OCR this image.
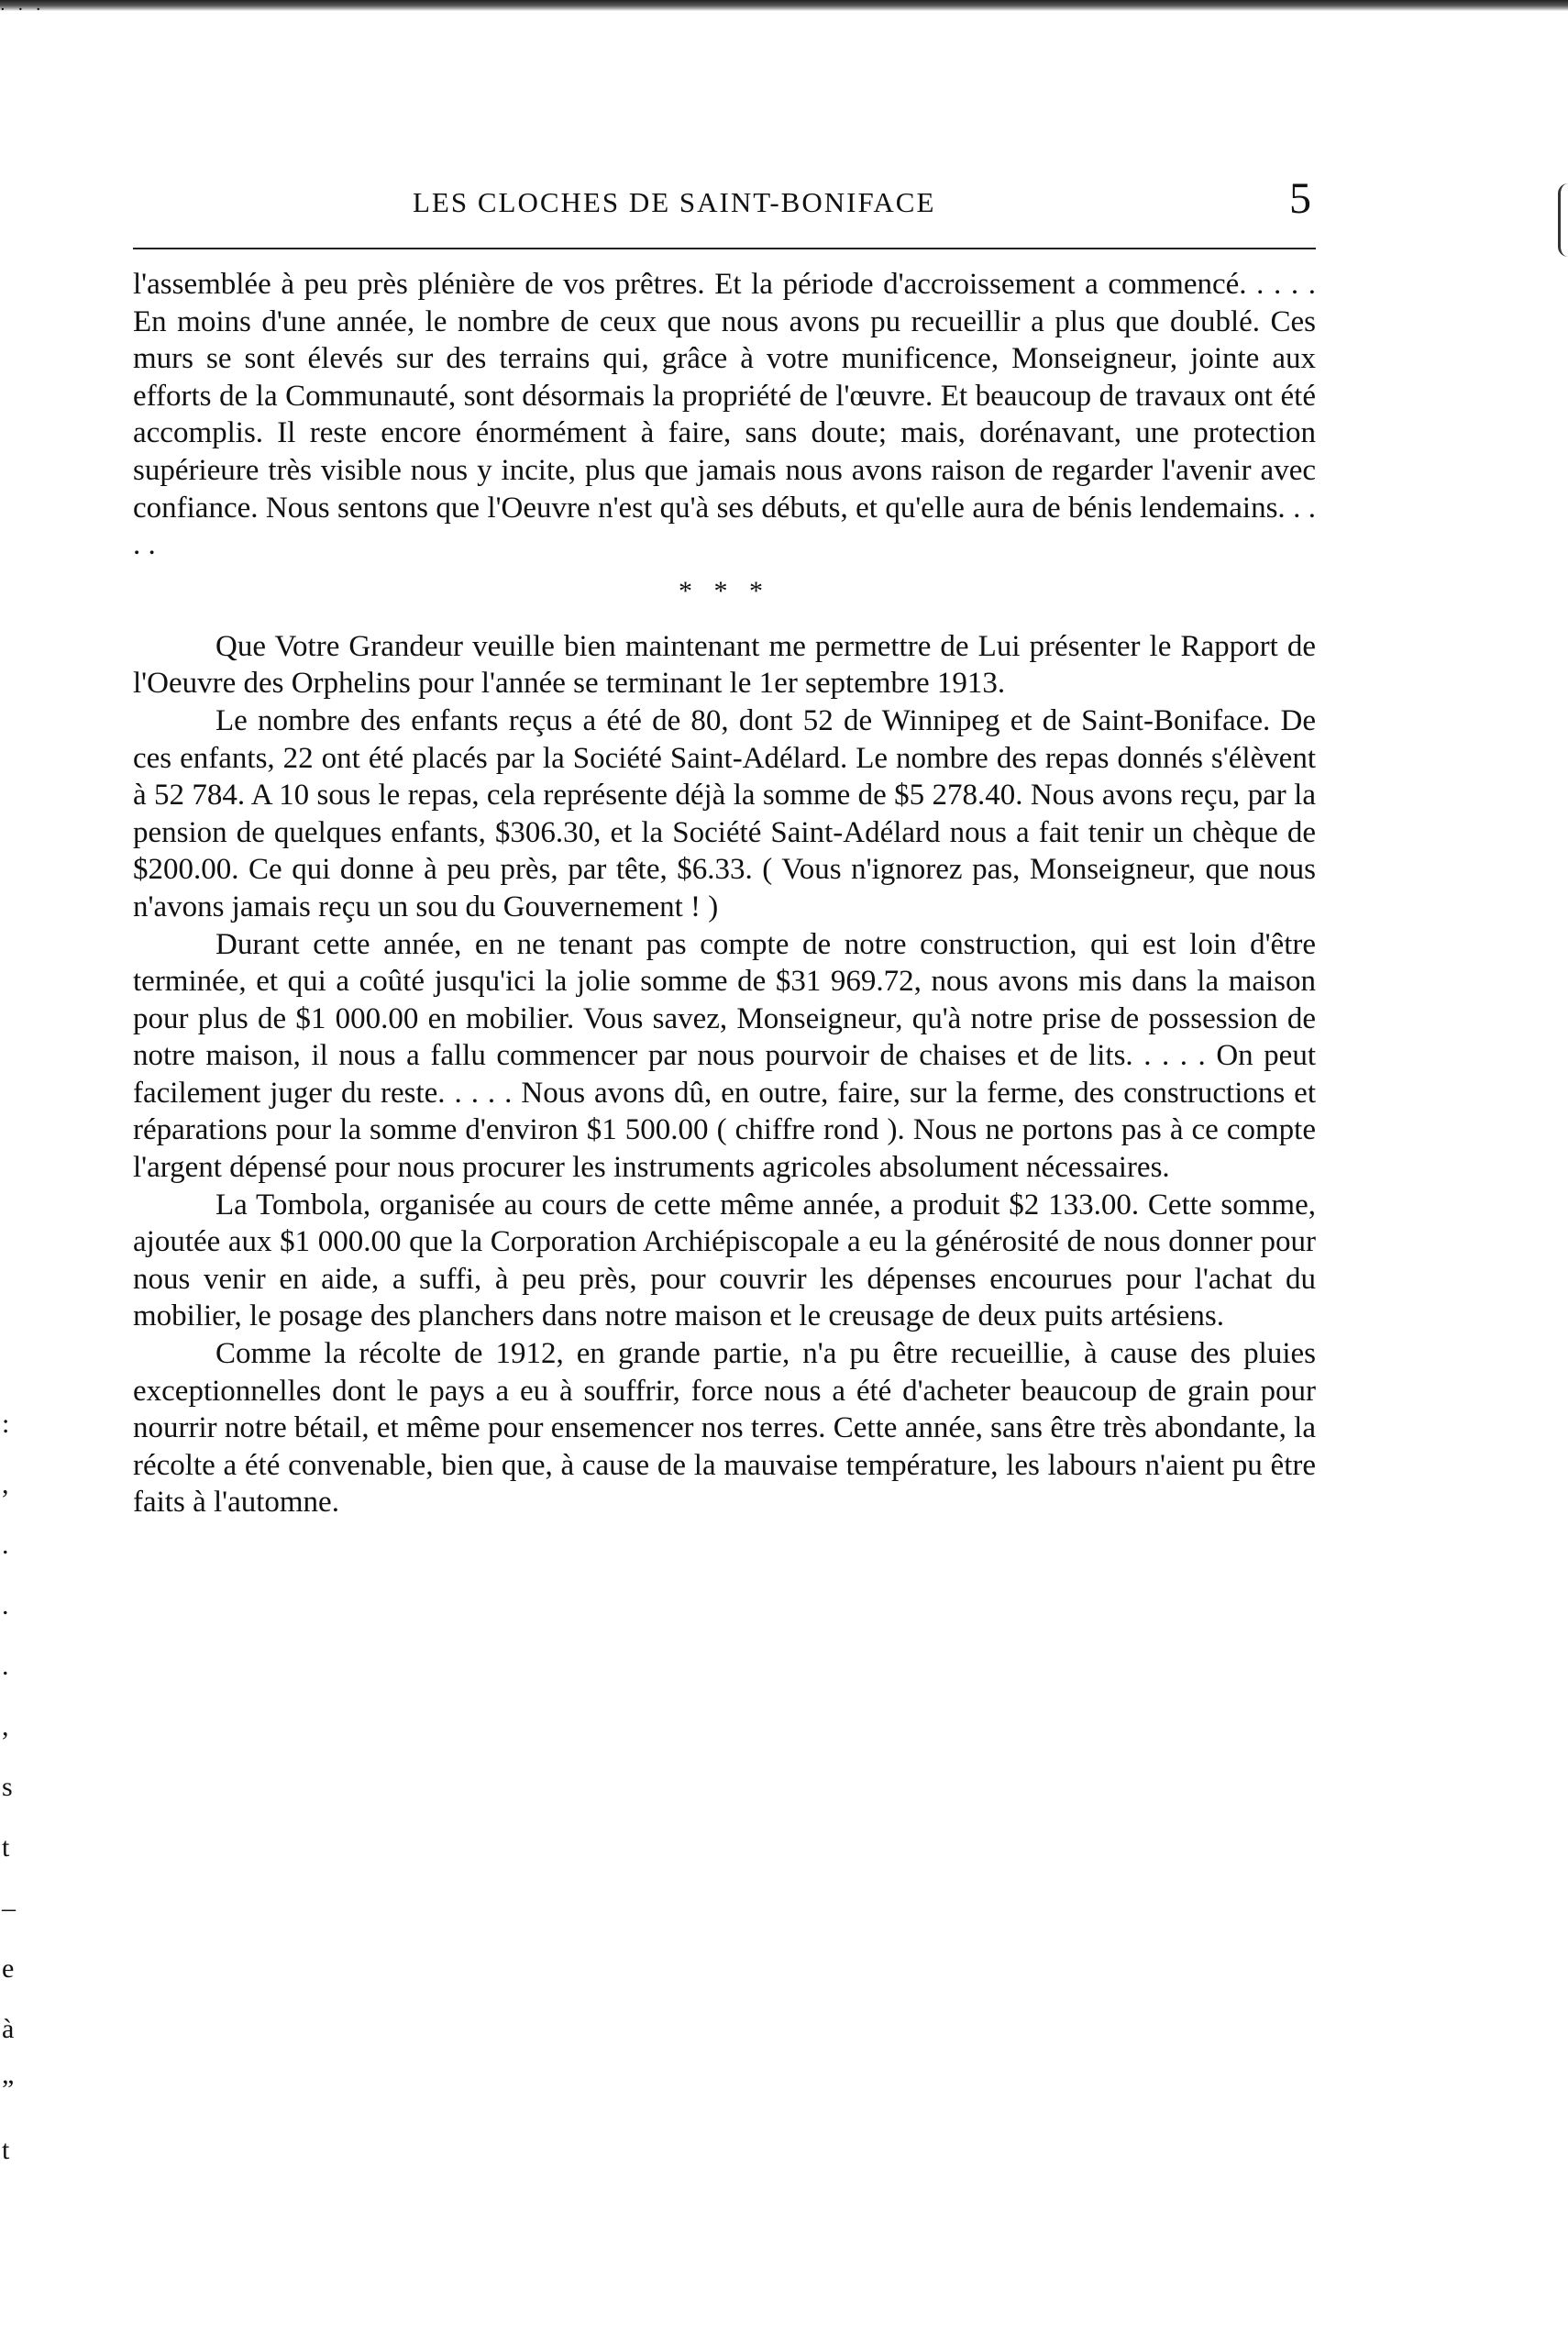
· · ·
LES CLOCHES DE SAINT-BONIFACE	5

l'assemblée à peu près plénière de vos prêtres. Et la période d'accroissement a commencé. . . . . En moins d'une année, le nombre de ceux que nous avons pu recueillir a plus que doublé. Ces murs se sont élevés sur des terrains qui, grâce à votre munificence, Monseigneur, jointe aux efforts de la Communauté, sont désormais la propriété de l'œuvre. Et beaucoup de travaux ont été accomplis. Il reste encore énormément à faire, sans doute; mais, dorénavant, une protection supérieure très visible nous y incite, plus que jamais nous avons raison de regarder l'avenir avec confiance. Nous sentons que l'Oeuvre n'est qu'à ses débuts, et qu'elle aura de bénis lendemains. . . . .

* * *

Que Votre Grandeur veuille bien maintenant me permettre de Lui présenter le Rapport de l'Oeuvre des Orphelins pour l'année se terminant le 1er septembre 1913.

Le nombre des enfants reçus a été de 80, dont 52 de Winnipeg et de Saint-Boniface. De ces enfants, 22 ont été placés par la Société Saint-Adélard. Le nombre des repas donnés s'élèvent à 52 784. A 10 sous le repas, cela représente déjà la somme de $5 278.40. Nous avons reçu, par la pension de quelques enfants, $306.30, et la Société Saint-Adélard nous a fait tenir un chèque de $200.00. Ce qui donne à peu près, par tête, $6.33. ( Vous n'ignorez pas, Monseigneur, que nous n'avons jamais reçu un sou du Gouvernement ! )

Durant cette année, en ne tenant pas compte de notre construction, qui est loin d'être terminée, et qui a coûté jusqu'ici la jolie somme de $31 969.72, nous avons mis dans la maison pour plus de $1 000.00 en mobilier. Vous savez, Monseigneur, qu'à notre prise de possession de notre maison, il nous a fallu commencer par nous pourvoir de chaises et de lits. . . . . On peut facilement juger du reste. . . . . Nous avons dû, en outre, faire, sur la ferme, des constructions et réparations pour la somme d'environ $1 500.00 ( chiffre rond ). Nous ne portons pas à ce compte l'argent dépensé pour nous procurer les instruments agricoles absolument nécessaires.

La Tombola, organisée au cours de cette même année, a produit $2 133.00. Cette somme, ajoutée aux $1 000.00 que la Corporation Archiépiscopale a eu la générosité de nous donner pour nous venir en aide, a suffi, à peu près, pour couvrir les dépenses encourues pour l'achat du mobilier, le posage des planchers dans notre maison et le creusage de deux puits artésiens.

Comme la récolte de 1912, en grande partie, n'a pu être recueillie, à cause des pluies exceptionnelles dont le pays a eu à souffrir, force nous a été d'acheter beaucoup de grain pour nourrir notre bétail, et même pour ensemencer nos terres. Cette année, sans être très abondante, la récolte a été convenable, bien que, à cause de la mauvaise température, les labours n'aient pu être faits à l'automne.

:
,
.
.
.
,
s
t
–
e
à
”
t
